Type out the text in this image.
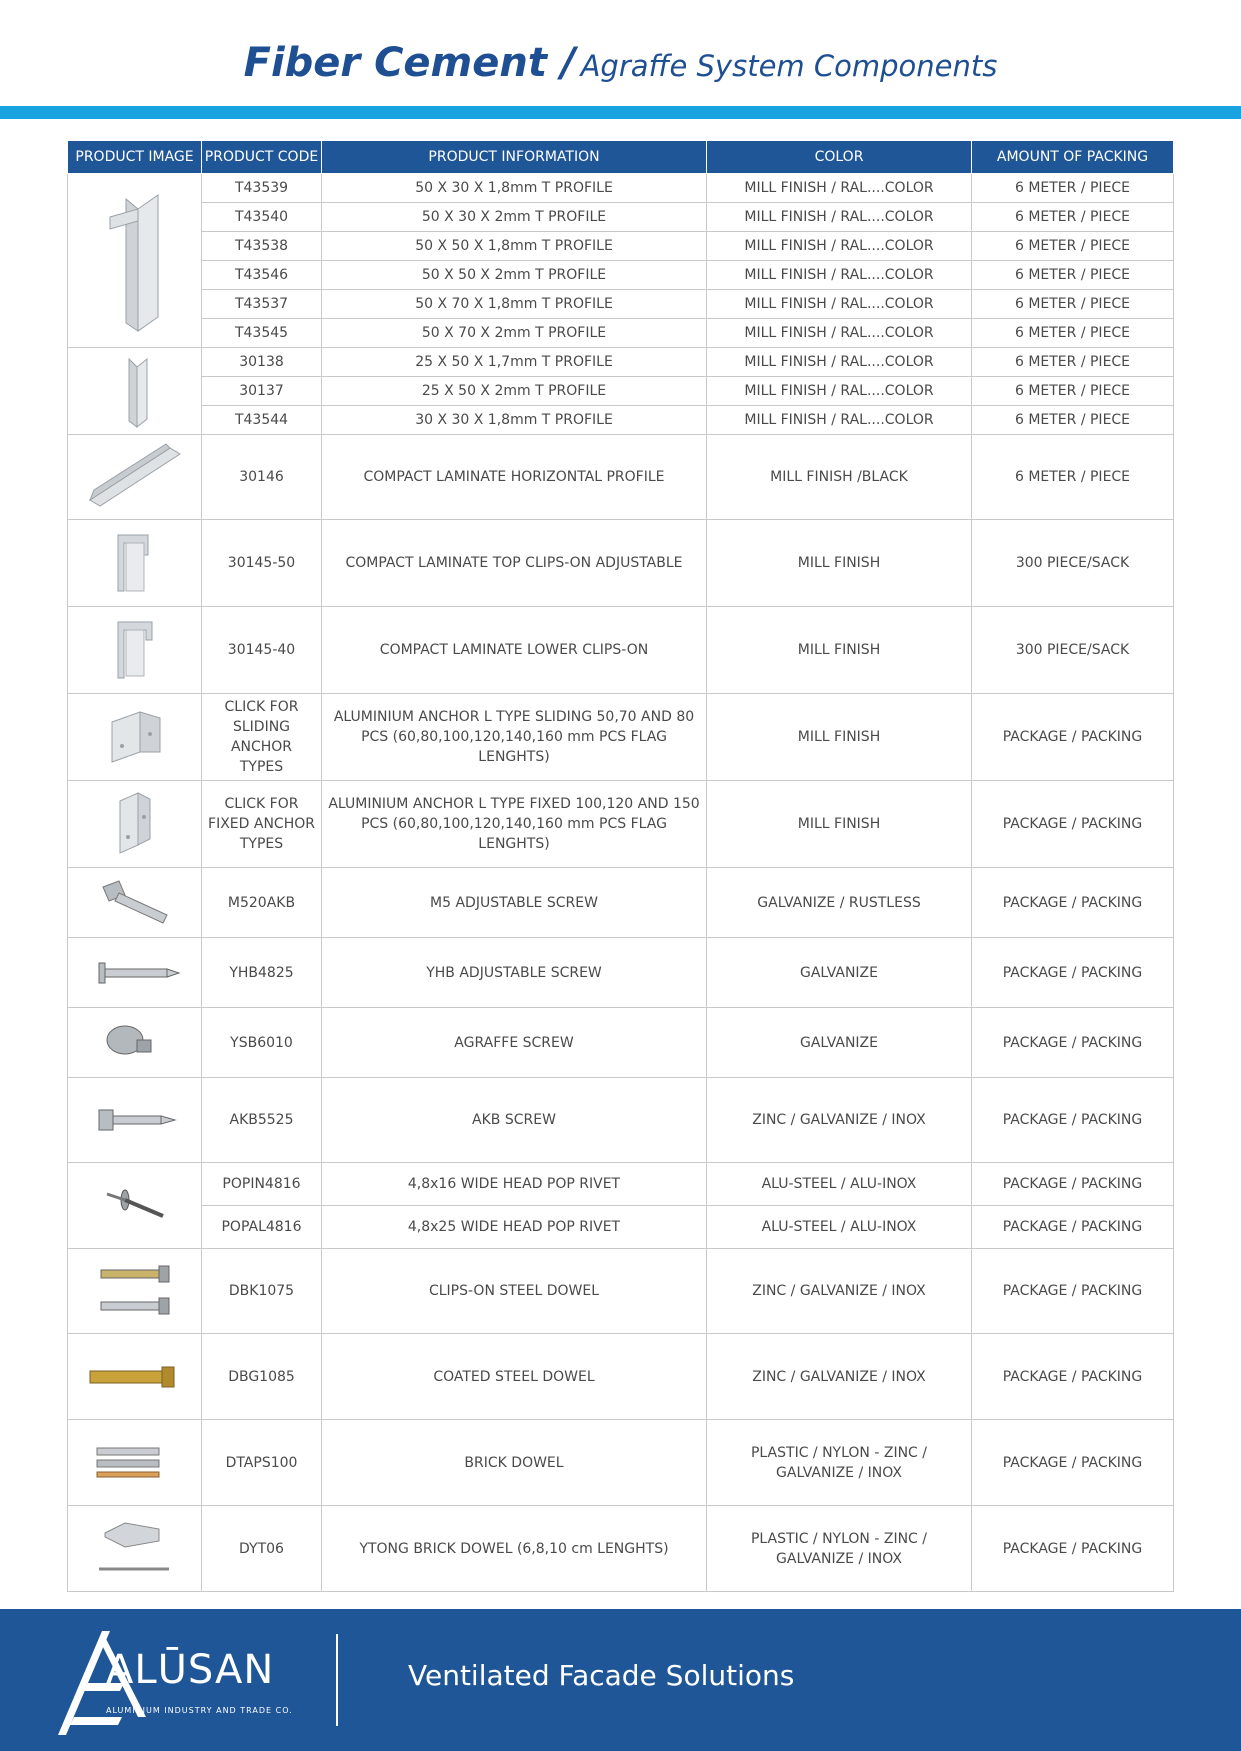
Fiber Cement / Agraffe System Components
PRODUCT IMAGE	PRODUCT CODE	PRODUCT INFORMATION	COLOR	AMOUNT OF PACKING

	T43539	50 X 30 X 1,8mm T PROFILE	MILL FINISH / RAL....COLOR	6 METER / PIECE
	T43540	50 X 30 X 2mm T PROFILE	MILL FINISH / RAL....COLOR	6 METER / PIECE
	T43538	50 X 50 X 1,8mm T PROFILE	MILL FINISH / RAL....COLOR	6 METER / PIECE
	T43546	50 X 50 X 2mm T PROFILE	MILL FINISH / RAL....COLOR	6 METER / PIECE
	T43537	50 X 70 X 1,8mm T PROFILE	MILL FINISH / RAL....COLOR	6 METER / PIECE
	T43545	50 X 70 X 2mm T PROFILE	MILL FINISH / RAL....COLOR	6 METER / PIECE

	30138	25 X 50 X 1,7mm T PROFILE	MILL FINISH / RAL....COLOR	6 METER / PIECE
	30137	25 X 50 X 2mm T PROFILE	MILL FINISH / RAL....COLOR	6 METER / PIECE
	T43544	30 X 30 X 1,8mm T PROFILE	MILL FINISH / RAL....COLOR	6 METER / PIECE

	30146	COMPACT LAMINATE HORIZONTAL PROFILE	MILL FINISH /BLACK	6 METER / PIECE

	30145-50	COMPACT LAMINATE TOP CLIPS-ON ADJUSTABLE	MILL FINISH	300 PIECE/SACK

	30145-40	COMPACT LAMINATE LOWER CLIPS-ON	MILL FINISH	300 PIECE/SACK

	CLICK FOR SLIDING ANCHOR TYPES	ALUMINIUM ANCHOR L TYPE SLIDING 50,70 AND 80 PCS (60,80,100,120,140,160 mm PCS FLAG LENGHTS)	MILL FINISH	PACKAGE / PACKING

	CLICK FOR FIXED ANCHOR TYPES	ALUMINIUM ANCHOR L TYPE FIXED 100,120 AND 150 PCS (60,80,100,120,140,160 mm PCS FLAG LENGHTS)	MILL FINISH	PACKAGE / PACKING

	M520AKB	M5 ADJUSTABLE SCREW	GALVANIZE / RUSTLESS	PACKAGE / PACKING

	YHB4825	YHB ADJUSTABLE SCREW	GALVANIZE	PACKAGE / PACKING

	YSB6010	AGRAFFE SCREW	GALVANIZE	PACKAGE / PACKING

	AKB5525	AKB SCREW	ZINC / GALVANIZE / INOX	PACKAGE / PACKING

	POPIN4816	4,8x16 WIDE HEAD POP RIVET	ALU-STEEL / ALU-INOX	PACKAGE / PACKING
	POPAL4816	4,8x25 WIDE HEAD POP RIVET	ALU-STEEL / ALU-INOX	PACKAGE / PACKING

	DBK1075	CLIPS-ON STEEL DOWEL	ZINC / GALVANIZE / INOX	PACKAGE / PACKING

	DBG1085	COATED STEEL DOWEL	ZINC / GALVANIZE / INOX	PACKAGE / PACKING

	DTAPS100	BRICK DOWEL	PLASTIC / NYLON - ZINC / GALVANIZE / INOX	PACKAGE / PACKING

	DYT06	YTONG BRICK DOWEL (6,8,10 cm LENGHTS)	PLASTIC / NYLON - ZINC / GALVANIZE / INOX	PACKAGE / PACKING
ALŪSAN
ALUMINIUM INDUSTRY AND TRADE CO.
Ventilated Facade Solutions
